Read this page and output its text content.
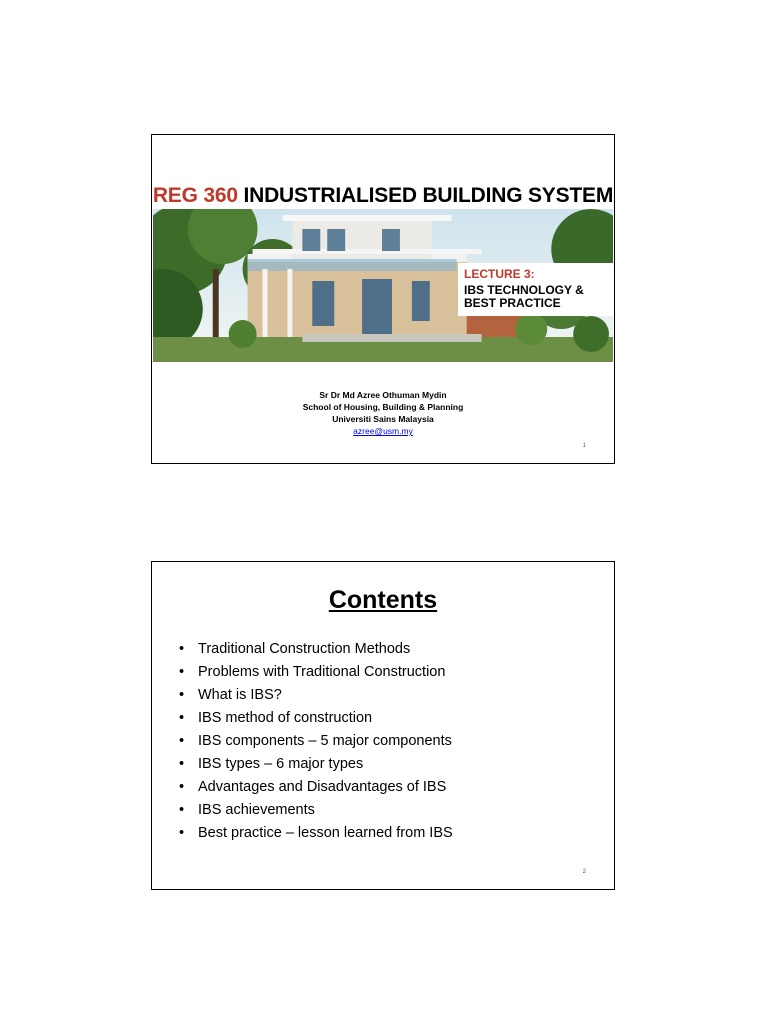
REG 360 INDUSTRIALISED BUILDING SYSTEM
LECTURE 3:
IBS TECHNOLOGY &
BEST PRACTICE
Sr Dr Md Azree Othuman Mydin
School of Housing, Building & Planning
Universiti Sains Malaysia
azree@usm.my
1
Contents
• Traditional Construction Methods
• Problems with Traditional Construction
• What is IBS?
• IBS method of construction
• IBS components – 5 major components
• IBS types – 6 major types
• Advantages and Disadvantages of IBS
• IBS achievements
• Best practice – lesson learned from IBS
2
